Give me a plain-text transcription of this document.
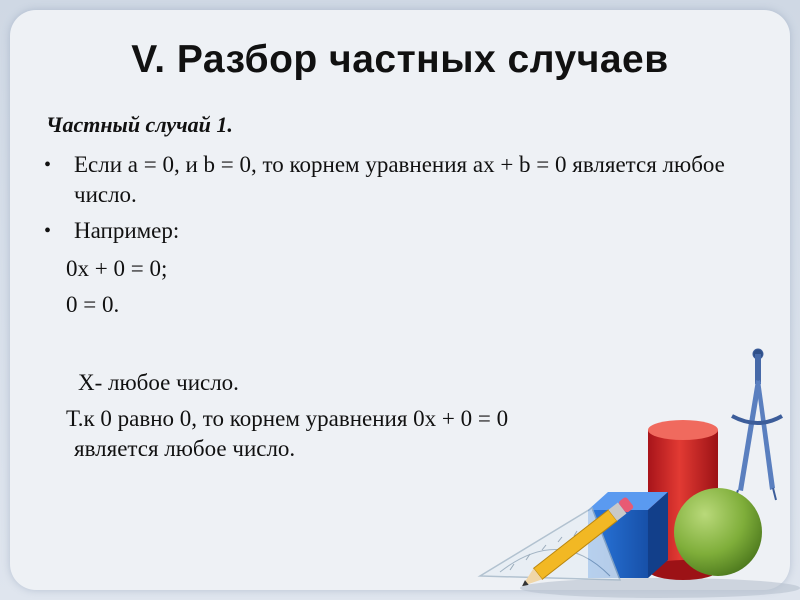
V. Разбор частных случаев
Частный случай 1.
• Если a = 0, и b = 0, то корнем уравнения ax + b = 0 является любое число.
• Например:
0x + 0 = 0;
0 = 0.
X- любое число.
Т.к 0 равно 0, то корнем уравнения 0x + 0 = 0
является любое число.
